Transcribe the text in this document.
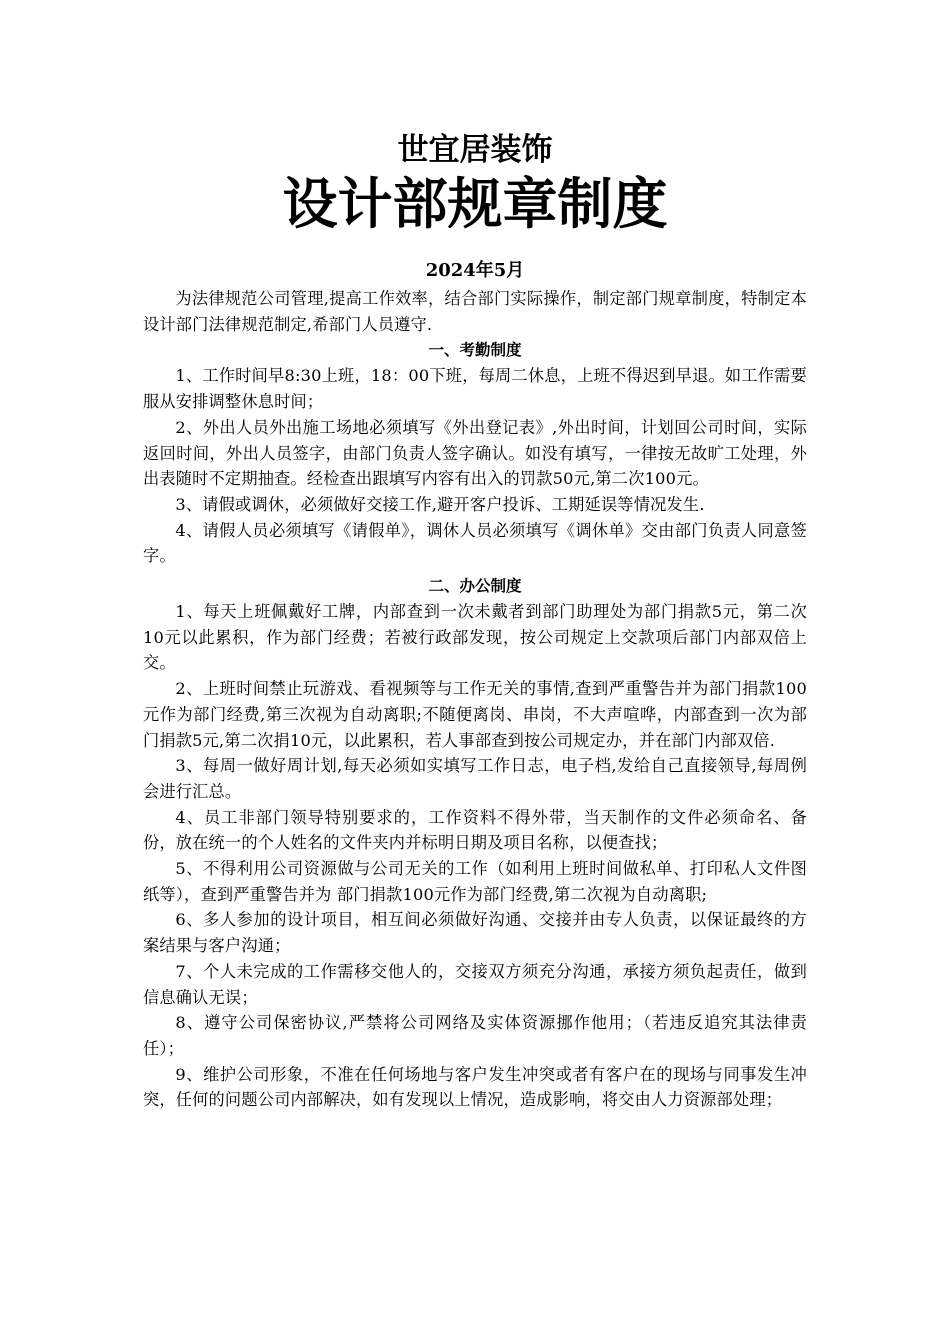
世宜居装饰
设计部规章制度
2024年5月

为法律规范公司管理,提高工作效率，结合部门实际操作，制定部门规章制度，特制定本设计部门法律规范制定,希部门人员遵守.

一、考勤制度

1、工作时间早8:30上班，18：00下班，每周二休息，上班不得迟到早退。如工作需要服从安排调整休息时间；

2、外出人员外出施工场地必须填写《外出登记表》,外出时间，计划回公司时间，实际返回时间，外出人员签字，由部门负责人签字确认。如没有填写，一律按无故旷工处理，外出表随时不定期抽查。经检查出跟填写内容有出入的罚款50元,第二次100元。

3、请假或调休，必须做好交接工作,避开客户投诉、工期延误等情况发生.

4、请假人员必须填写《请假单》，调休人员必须填写《调休单》交由部门负责人同意签字。

二、办公制度

1、每天上班佩戴好工牌，内部查到一次未戴者到部门助理处为部门捐款5元，第二次10元以此累积，作为部门经费；若被行政部发现，按公司规定上交款项后部门内部双倍上交。

2、上班时间禁止玩游戏、看视频等与工作无关的事情,查到严重警告并为部门捐款100元作为部门经费,第三次视为自动离职;不随便离岗、串岗，不大声喧哗，内部查到一次为部门捐款5元,第二次捐10元，以此累积，若人事部查到按公司规定办，并在部门内部双倍.

3、每周一做好周计划,每天必须如实填写工作日志，电子档,发给自己直接领导,每周例会进行汇总。

4、员工非部门领导特别要求的，工作资料不得外带，当天制作的文件必须命名、备份，放在统一的个人姓名的文件夹内并标明日期及项目名称，以便查找；

5、不得利用公司资源做与公司无关的工作（如利用上班时间做私单、打印私人文件图纸等），查到严重警告并为 部门捐款100元作为部门经费,第二次视为自动离职;

6、多人参加的设计项目，相互间必须做好沟通、交接并由专人负责，以保证最终的方案结果与客户沟通；

7、个人未完成的工作需移交他人的，交接双方须充分沟通，承接方须负起责任，做到信息确认无误；

8、遵守公司保密协议,严禁将公司网络及实体资源挪作他用；（若违反追究其法律责任）；

9、维护公司形象，不准在任何场地与客户发生冲突或者有客户在的现场与同事发生冲突，任何的问题公司内部解决，如有发现以上情况，造成影响，将交由人力资源部处理；
